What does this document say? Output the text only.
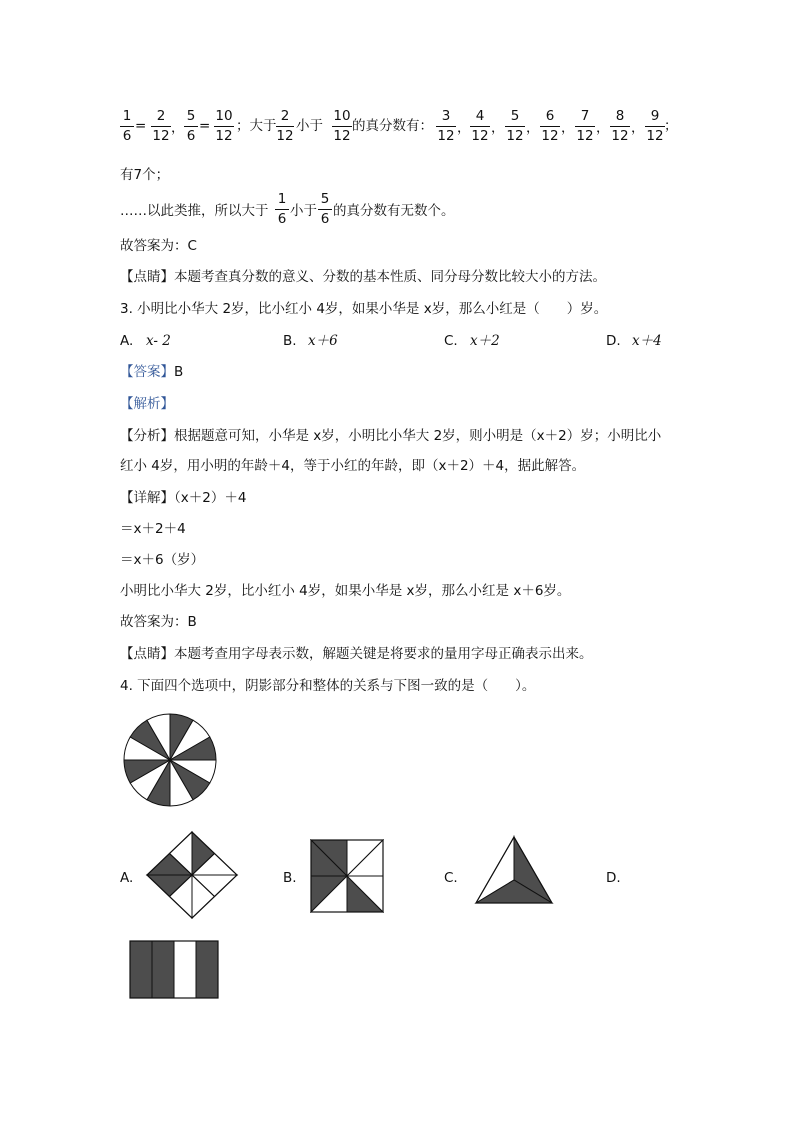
1
6
=
2
12 ，
5
6
=
10
12
；大于
2
12
小于
10
12
的真分数有：
3
12 ，
4
12 ，
5
12 ，
6
12 ，
7
12 ，
8
12 ，
9
12
；
有7个；
……以此类推，所以大于
1
6 小于
5
6 的真分数有无数个。
故答案为：C
【点睛】本题考查真分数的意义、分数的基本性质、同分母分数比较大小的方法。
3. 小明比小华大 2岁，比小红小 4岁，如果小华是 x岁，那么小红是（　　）岁。
A. x- 2	B. x＋6	C. x＋2	D. x＋4
【答案】B
【解析】
【分析】根据题意可知，小华是 x岁，小明比小华大 2岁，则小明是（x＋2）岁；小明比小
红小 4岁，用小明的年龄＋4，等于小红的年龄，即（x＋2）＋4，据此解答。
【详解】（x＋2）＋4
＝x＋2＋4
＝x＋6（岁）
小明比小华大 2岁，比小红小 4岁，如果小华是 x岁，那么小红是 x＋6岁。
故答案为：B
【点睛】本题考查用字母表示数，解题关键是将要求的量用字母正确表示出来。
4. 下面四个选项中，阴影部分和整体的关系与下图一致的是（　　）。
A.	B.	C.	D.
